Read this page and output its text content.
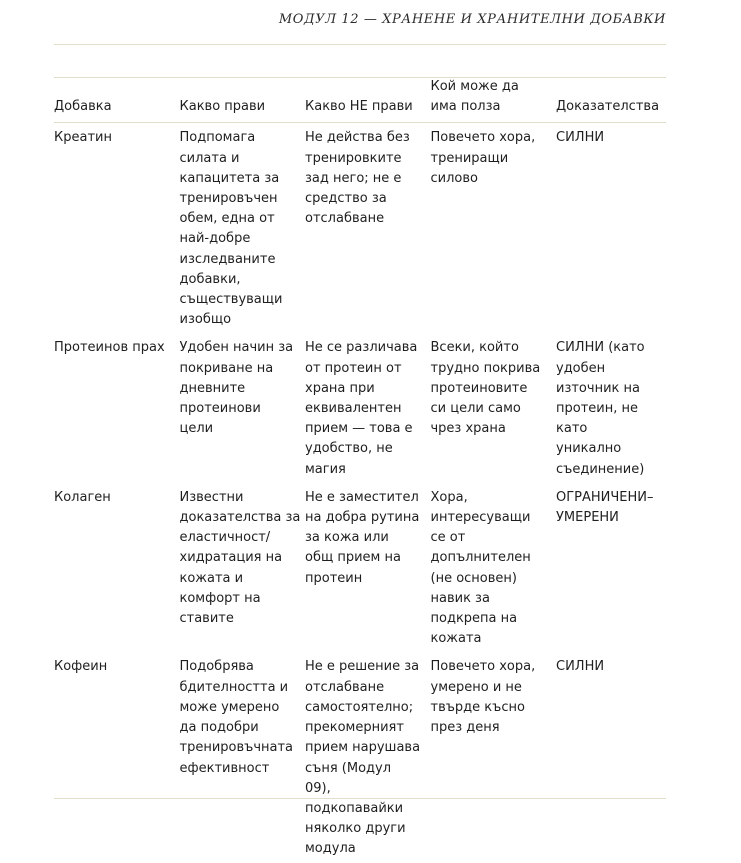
МОДУЛ 12 — ХРАНЕНЕ И ХРАНИТЕЛНИ ДОБАВКИ
Добавка	Какво прави	Какво НЕ прави	Кой може да има полза	Доказателства

Креатин	Подпомага силата и капацитета за тренировъчен обем, една от най-добре изследваните добавки, съществуващи изобщо	Не действа без тренировките зад него; не е средство за отслабване	Повечето хора, трениращи силово	СИЛНИ

Протеинов прах	Удобен начин за покриване на дневните протеинови цели	Не се различава от протеин от храна при еквивалентен прием — това е удобство, не магия	Всеки, който трудно покрива протеиновите си цели само чрез храна	СИЛНИ (като удобен източник на протеин, не като уникално съединение)

Колаген	Известни доказателства за еластичност/хидратация на кожата и комфорт на ставите	Не е заместител на добра рутина за кожа или общ прием на протеин	Хора, интересуващи се от допълнителен (не основен) навик за подкрепа на кожата	ОГРАНИЧЕНИ–УМЕРЕНИ

Кофеин	Подобрява бдителността и може умерено да подобри тренировъчната ефективност	Не е решение за отслабване самостоятелно; прекомерният прием нарушава съня (Модул 09), подкопавайки няколко други модула	Повечето хора, умерено и не твърде късно през деня	СИЛНИ
